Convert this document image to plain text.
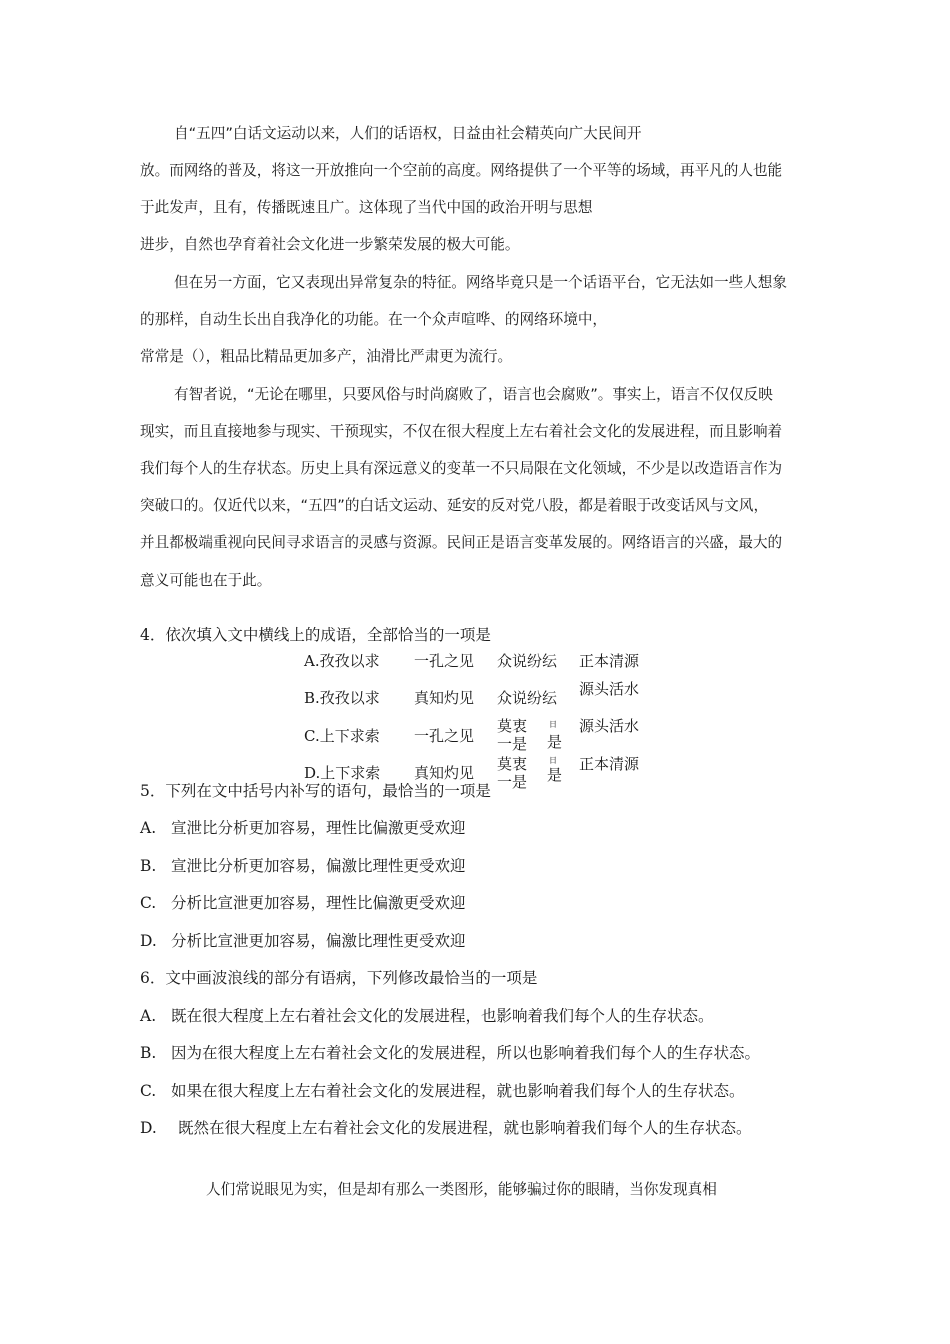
自“五四”白话文运动以来，人们的话语权，日益由社会精英向广大民间开
放。而网络的普及，将这一开放推向一个空前的高度。网络提供了一个平等的场域，再平凡的人也能
于此发声，且有，传播既速且广。这体现了当代中国的政治开明与思想
进步，自然也孕育着社会文化进一步繁荣发展的极大可能。
但在另一方面，它又表现出异常复杂的特征。网络毕竟只是一个话语平台，它无法如一些人想象
的那样，自动生长出自我净化的功能。在一个众声喧哗、的网络环境中，
常常是（），粗品比精品更加多产，油滑比严肃更为流行。
有智者说，“无论在哪里，只要风俗与时尚腐败了，语言也会腐败”。事实上，语言不仅仅反映
现实，而且直接地参与现实、干预现实，不仅在很大程度上左右着社会文化的发展进程，而且影响着
我们每个人的生存状态。历史上具有深远意义的变革一不只局限在文化领域，不少是以改造语言作为
突破口的。仅近代以来，“五四”的白话文运动、延安的反对党八股，都是着眼于改变话风与文风，
并且都极端重视向民间寻求语言的灵感与资源。民间正是语言变革发展的。网络语言的兴盛，最大的
意义可能也在于此。
4．依次填入文中横线上的成语，全部恰当的一项是
A.孜孜以求 一孔之见 众说纷纭 正本清源
B.孜孜以求 真知灼见 众说纷纭 源头活水
C.上下求索 一孔之见
莫衷一是
日
是
源头活水
D.上下求索 真知灼见 莫衷一是
日
是
正本清源
5．下列在文中括号内补写的语句，最恰当的一项是
A. 宣泄比分析更加容易，理性比偏激更受欢迎
B. 宣泄比分析更加容易，偏激比理性更受欢迎
C. 分析比宣泄更加容易，理性比偏激更受欢迎
D. 分析比宣泄更加容易，偏激比理性更受欢迎
6．文中画波浪线的部分有语病，下列修改最恰当的一项是
A. 既在很大程度上左右着社会文化的发展进程，也影响着我们每个人的生存状态。
B. 因为在很大程度上左右着社会文化的发展进程，所以也影响着我们每个人的生存状态。
C. 如果在很大程度上左右着社会文化的发展进程，就也影响着我们每个人的生存状态。
D. 既然在很大程度上左右着社会文化的发展进程，就也影响着我们每个人的生存状态。
人们常说眼见为实，但是却有那么一类图形，能够骗过你的眼睛，当你发现真相
